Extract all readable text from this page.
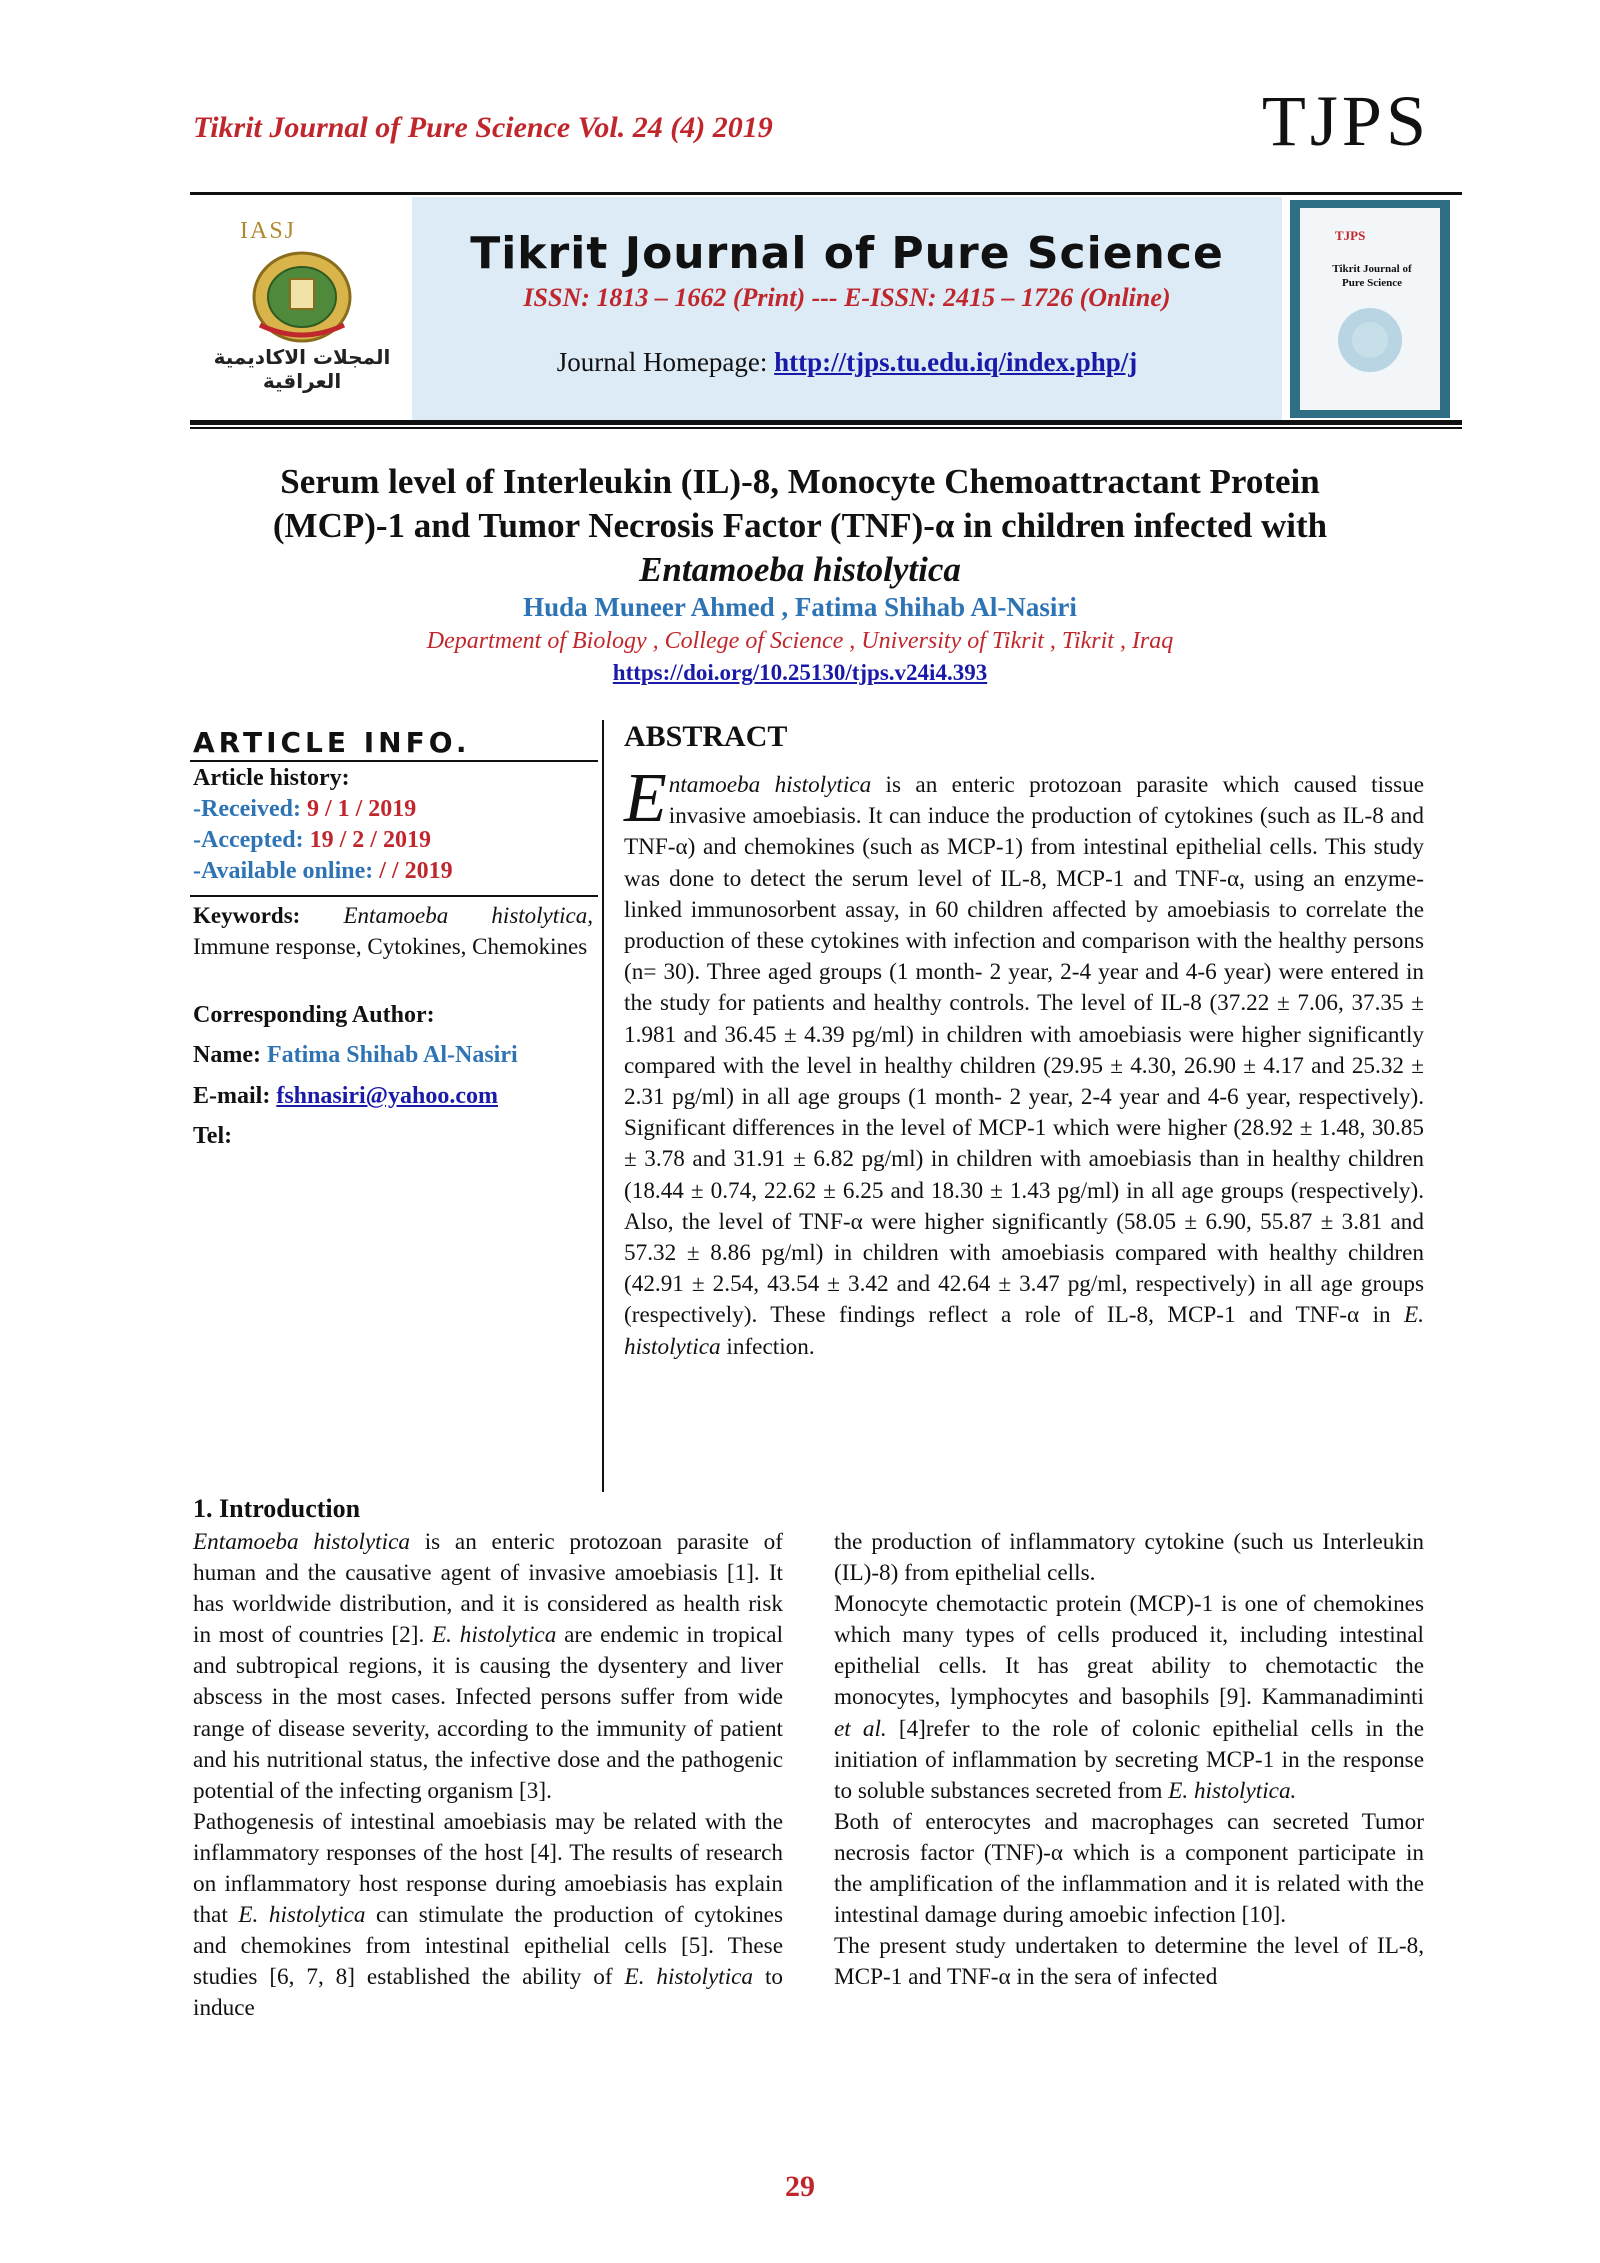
Tikrit Journal of Pure Science Vol. 24 (4) 2019	TJPS
IASJ
المجلات الاكاديمية العراقية
Tikrit Journal of Pure Science
ISSN: 1813 – 1662 (Print) --- E-ISSN: 2415 – 1726 (Online)
Journal Homepage: http://tjps.tu.edu.iq/index.php/j
TJPS
Tikrit Journal of Pure Science
Serum level of Interleukin (IL)-8, Monocyte Chemoattractant Protein
(MCP)-1 and Tumor Necrosis Factor (TNF)-α in children infected with
Entamoeba histolytica
Huda Muneer Ahmed , Fatima Shihab Al-Nasiri
Department of Biology , College of Science , University of Tikrit , Tikrit , Iraq
https://doi.org/10.25130/tjps.v24i4.393
ARTICLE INFO.
Article history:
-Received: 9 / 1 / 2019
-Accepted: 19 / 2 / 2019
-Available online: / / 2019
Keywords: Entamoeba histolytica, Immune response, Cytokines, Chemokines
Corresponding Author:
Name: Fatima Shihab Al-Nasiri
E-mail: fshnasiri@yahoo.com
Tel:
ABSTRACT
Entamoeba histolytica is an enteric protozoan parasite which caused tissue invasive amoebiasis. It can induce the production of cytokines (such as IL-8 and TNF-α) and chemokines (such as MCP-1) from intestinal epithelial cells. This study was done to detect the serum level of IL-8, MCP-1 and TNF-α, using an enzyme-linked immunosorbent assay, in 60 children affected by amoebiasis to correlate the production of these cytokines with infection and comparison with the healthy persons (n= 30). Three aged groups (1 month- 2 year, 2-4 year and 4-6 year) were entered in the study for patients and healthy controls. The level of IL-8 (37.22 ± 7.06, 37.35 ± 1.981 and 36.45 ± 4.39 pg/ml) in children with amoebiasis were higher significantly compared with the level in healthy children (29.95 ± 4.30, 26.90 ± 4.17 and 25.32 ± 2.31 pg/ml) in all age groups (1 month- 2 year, 2-4 year and 4-6 year, respectively). Significant differences in the level of MCP-1 which were higher (28.92 ± 1.48, 30.85 ± 3.78 and 31.91 ± 6.82 pg/ml) in children with amoebiasis than in healthy children (18.44 ± 0.74, 22.62 ± 6.25 and 18.30 ± 1.43 pg/ml) in all age groups (respectively). Also, the level of TNF-α were higher significantly (58.05 ± 6.90, 55.87 ± 3.81 and 57.32 ± 8.86 pg/ml) in children with amoebiasis compared with healthy children (42.91 ± 2.54, 43.54 ± 3.42 and 42.64 ± 3.47 pg/ml, respectively) in all age groups (respectively). These findings reflect a role of IL-8, MCP-1 and TNF-α in E. histolytica infection.
1. Introduction

Entamoeba histolytica is an enteric protozoan parasite of human and the causative agent of invasive amoebiasis [1]. It has worldwide distribution, and it is considered as health risk in most of countries [2]. E. histolytica are endemic in tropical and subtropical regions, it is causing the dysentery and liver abscess in the most cases. Infected persons suffer from wide range of disease severity, according to the immunity of patient and his nutritional status, the infective dose and the pathogenic potential of the infecting organism [3].

Pathogenesis of intestinal amoebiasis may be related with the inflammatory responses of the host [4]. The results of research on inflammatory host response during amoebiasis has explain that E. histolytica can stimulate the production of cytokines and chemokines from intestinal epithelial cells [5]. These studies [6, 7, 8] established the ability of E. histolytica to induce

the production of inflammatory cytokine (such us Interleukin (IL)-8) from epithelial cells.

Monocyte chemotactic protein (MCP)-1 is one of chemokines which many types of cells produced it, including intestinal epithelial cells. It has great ability to chemotactic the monocytes, lymphocytes and basophils [9]. Kammanadiminti et al. [4]refer to the role of colonic epithelial cells in the initiation of inflammation by secreting MCP-1 in the response to soluble substances secreted from E. histolytica.

Both of enterocytes and macrophages can secreted Tumor necrosis factor (TNF)-α which is a component participate in the amplification of the inflammation and it is related with the intestinal damage during amoebic infection [10].

The present study undertaken to determine the level of IL-8, MCP-1 and TNF-α in the sera of infected

29
